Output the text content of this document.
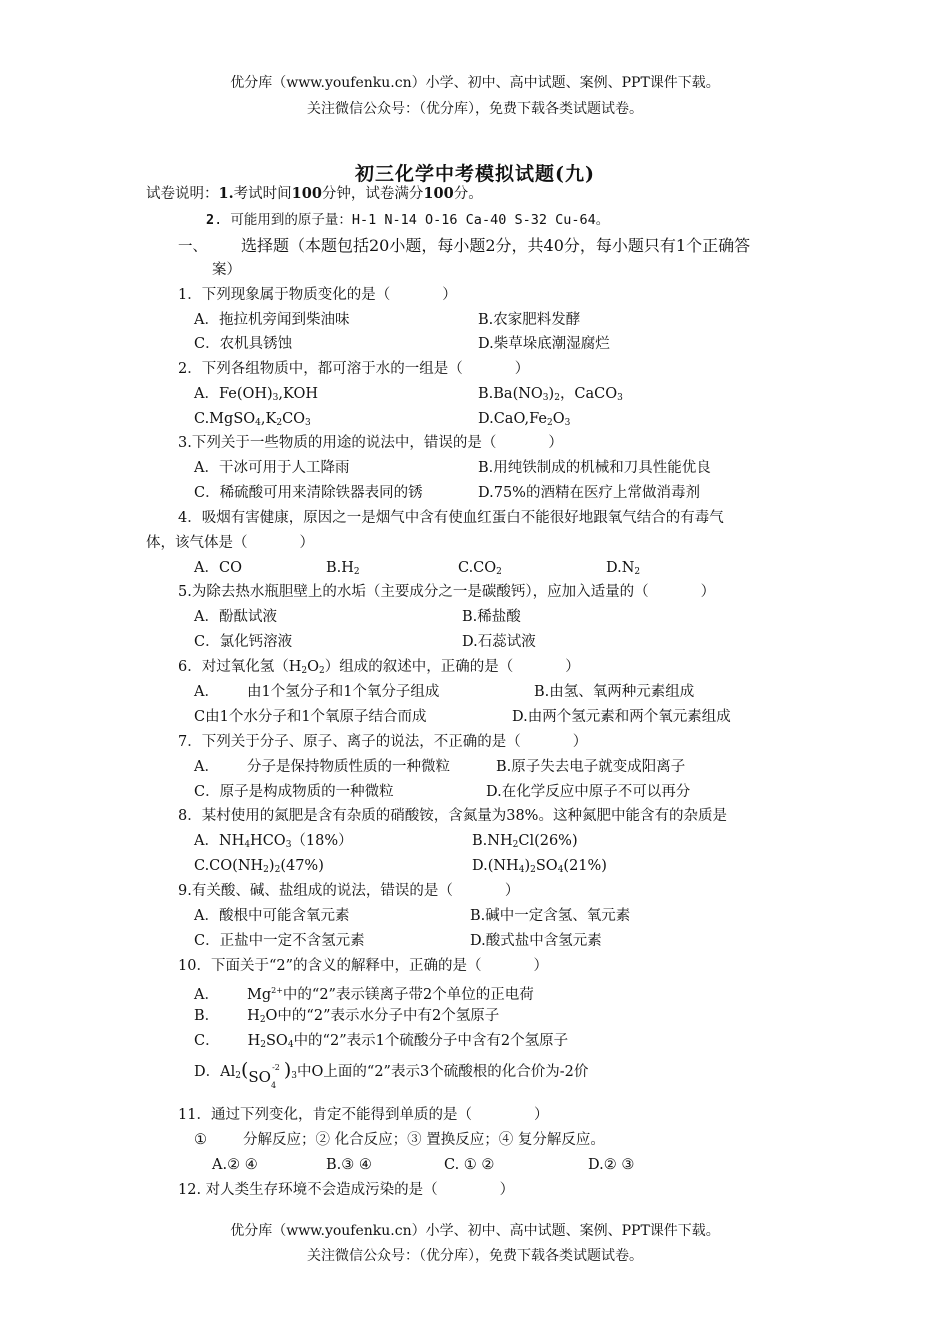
优分库（www.youfenku.cn）小学、初中、高中试题、案例、PPT课件下载。
关注微信公众号：（优分库），免费下载各类试题试卷。
初三化学中考模拟试题(九)
试卷说明：1.考试时间100分钟，试卷满分100分。
2. 可能用到的原子量：H-1 N-14 O-16 Ca-40 S-32 Cu-64。
一、 选择题（本题包括20小题，每小题2分，共40分，每小题只有1个正确答
案）
1．下列现象属于物质变化的是（	）
A．拖拉机旁闻到柴油味	B.农家肥料发酵
C．农机具锈蚀	D.柴草垛底潮湿腐烂
2．下列各组物质中，都可溶于水的一组是（	）
A．$Fe(OH)_3,KOH$	$B.Ba(NO_3)_2$，CaCO$_3$
$C.MgSO_4,K_2CO_3$	$D.CaO,Fe_2O_3$
3.下列关于一些物质的用途的说法中，错误的是（	）
A．干冰可用于人工降雨	B.用纯铁制成的机械和刀具性能优良
C．稀硫酸可用来清除铁器表同的锈	D.75%的酒精在医疗上常做消毒剂
4．吸烟有害健康，原因之一是烟气中含有使血红蛋白不能很好地跟氧气结合的有毒气
体，该气体是（	）
A．CO	$B.H_2$	$C.CO_2$	$D.N_2$
5.为除去热水瓶胆壁上的水垢（主要成分之一是碳酸钙），应加入适量的（	）
A．酚酞试液	B.稀盐酸
C．氯化钙溶液	D.石蕊试液
6．对过氧化氢$(H_2O_2)$组成的叙述中，正确的是（	）
A． 由1个氢分子和1个氧分子组成	B.由氢、氧两种元素组成
C由1个水分子和1个氧原子结合而成	D.由两个氢元素和两个氧元素组成
7．下列关于分子、原子、离子的说法，不正确的是（	）
A． 分子是保持物质性质的一种微粒	B.原子失去电子就变成阳离子
C．原子是构成物质的一种微粒	D.在化学反应中原子不可以再分
8．某村使用的氮肥是含有杂质的硝酸铵，含氮量为38%。这种氮肥中能含有的杂质是
A．$NH_4HCO_3(18\%)$	$B.NH_2Cl(26\%)$
$C.CO(NH_2)_2(47\%)$	$D.(NH_4)_2SO_4(21\%)$
9.有关酸、碱、盐组成的说法，错误的是（	）
A．酸根中可能含氧元素	B.碱中一定含氢、氧元素
C．正盐中一定不含氢元素	D.酸式盐中含氢元素
10．下面关于“2”的含义的解释中，正确的是（	）
A． $Mg^{2+}$中的“2”表示镁离子带2个单位的正电荷
B． $H_2O$中的“2”表示水分子中有2个氢原子
C． $H_2SO_4$中的“2”表示1个硫酸分子中含有2个氢原子
D．$Al_2(SO_4^{-2}$ )$_3$中O上面的“2”表示3个硫酸根的化合价为-2价
11．通过下列变化，肯定不能得到单质的是（	）
① 分解反应；② 化合反应；③ 置换反应；④ 复分解反应。
A.② ④	B.③ ④	C. ① ②	D.② ③
12. 对人类生存环境不会造成污染的是（	）
优分库（www.youfenku.cn）小学、初中、高中试题、案例、PPT课件下载。
关注微信公众号：（优分库），免费下载各类试题试卷。
